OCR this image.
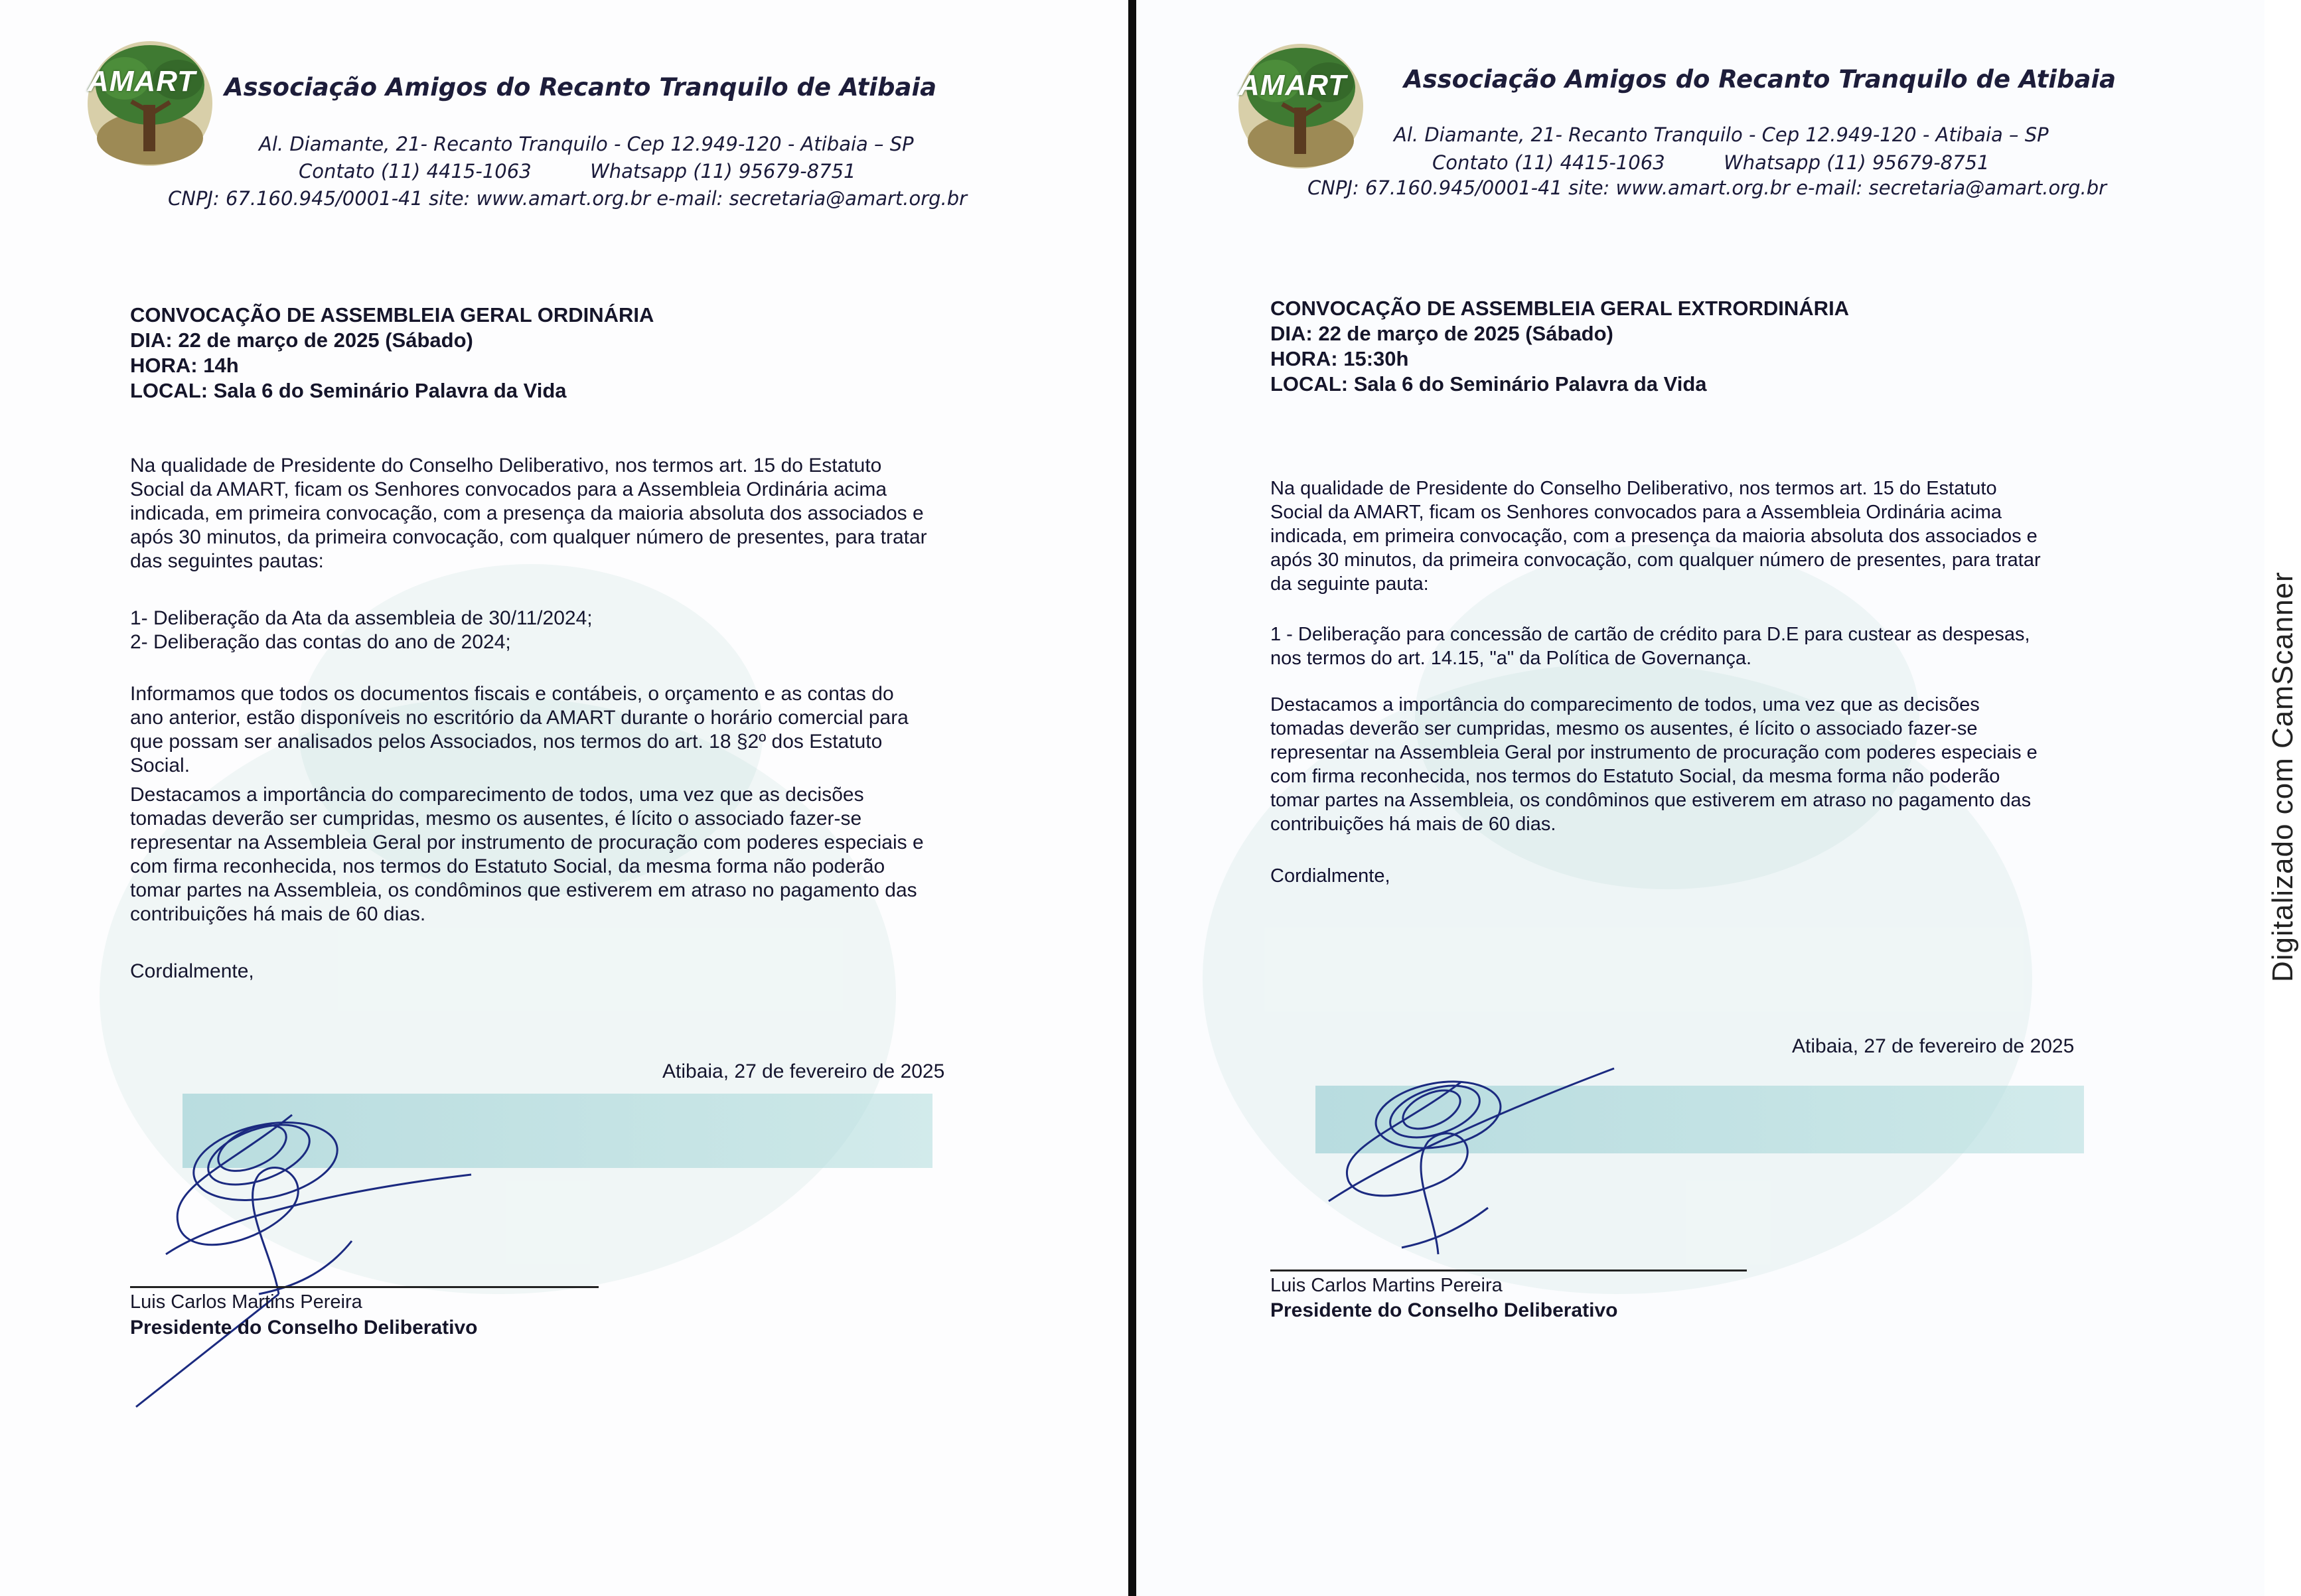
AMART Associação Amigos do Recanto Tranquilo de Atibaia
Al. Diamante, 21- Recanto Tranquilo - Cep 12.949-120 - Atibaia – SP
Contato (11) 4415-1063	Whatsapp (11) 95679-8751
CNPJ: 67.160.945/0001-41 site: www.amart.org.br e-mail: secretaria@amart.org.br
CONVOCAÇÃO DE ASSEMBLEIA GERAL ORDINÁRIA
DIA: 22 de março de 2025 (Sábado)
HORA: 14h
LOCAL: Sala 6 do Seminário Palavra da Vida
Na qualidade de Presidente do Conselho Deliberativo, nos termos art. 15 do Estatuto
Social da AMART, ficam os Senhores convocados para a Assembleia Ordinária acima
indicada, em primeira convocação, com a presença da maioria absoluta dos associados e
após 30 minutos, da primeira convocação, com qualquer número de presentes, para tratar
das seguintes pautas:
1- Deliberação da Ata da assembleia de 30/11/2024;
2- Deliberação das contas do ano de 2024;
Informamos que todos os documentos fiscais e contábeis, o orçamento e as contas do
ano anterior, estão disponíveis no escritório da AMART durante o horário comercial para
que possam ser analisados pelos Associados, nos termos do art. 18 §2º dos Estatuto
Social.
Destacamos a importância do comparecimento de todos, uma vez que as decisões
tomadas deverão ser cumpridas, mesmo os ausentes, é lícito o associado fazer-se
representar na Assembleia Geral por instrumento de procuração com poderes especiais e
com firma reconhecida, nos termos do Estatuto Social, da mesma forma não poderão
tomar partes na Assembleia, os condôminos que estiverem em atraso no pagamento das
contribuições há mais de 60 dias.
Cordialmente,
Atibaia, 27 de fevereiro de 2025
Luis Carlos Martins Pereira
Presidente do Conselho Deliberativo
AMART Associação Amigos do Recanto Tranquilo de Atibaia
Al. Diamante, 21- Recanto Tranquilo - Cep 12.949-120 - Atibaia – SP
Contato (11) 4415-1063	Whatsapp (11) 95679-8751
CNPJ: 67.160.945/0001-41 site: www.amart.org.br e-mail: secretaria@amart.org.br
CONVOCAÇÃO DE ASSEMBLEIA GERAL EXTRORDINÁRIA
DIA: 22 de março de 2025 (Sábado)
HORA: 15:30h
LOCAL: Sala 6 do Seminário Palavra da Vida
Na qualidade de Presidente do Conselho Deliberativo, nos termos art. 15 do Estatuto
Social da AMART, ficam os Senhores convocados para a Assembleia Ordinária acima
indicada, em primeira convocação, com a presença da maioria absoluta dos associados e
após 30 minutos, da primeira convocação, com qualquer número de presentes, para tratar
da seguinte pauta:
1 - Deliberação para concessão de cartão de crédito para D.E para custear as despesas,
nos termos do art. 14.15, "a" da Política de Governança.
Destacamos a importância do comparecimento de todos, uma vez que as decisões
tomadas deverão ser cumpridas, mesmo os ausentes, é lícito o associado fazer-se
representar na Assembleia Geral por instrumento de procuração com poderes especiais e
com firma reconhecida, nos termos do Estatuto Social, da mesma forma não poderão
tomar partes na Assembleia, os condôminos que estiverem em atraso no pagamento das
contribuições há mais de 60 dias.
Cordialmente,
Atibaia, 27 de fevereiro de 2025
Luis Carlos Martins Pereira
Presidente do Conselho Deliberativo
